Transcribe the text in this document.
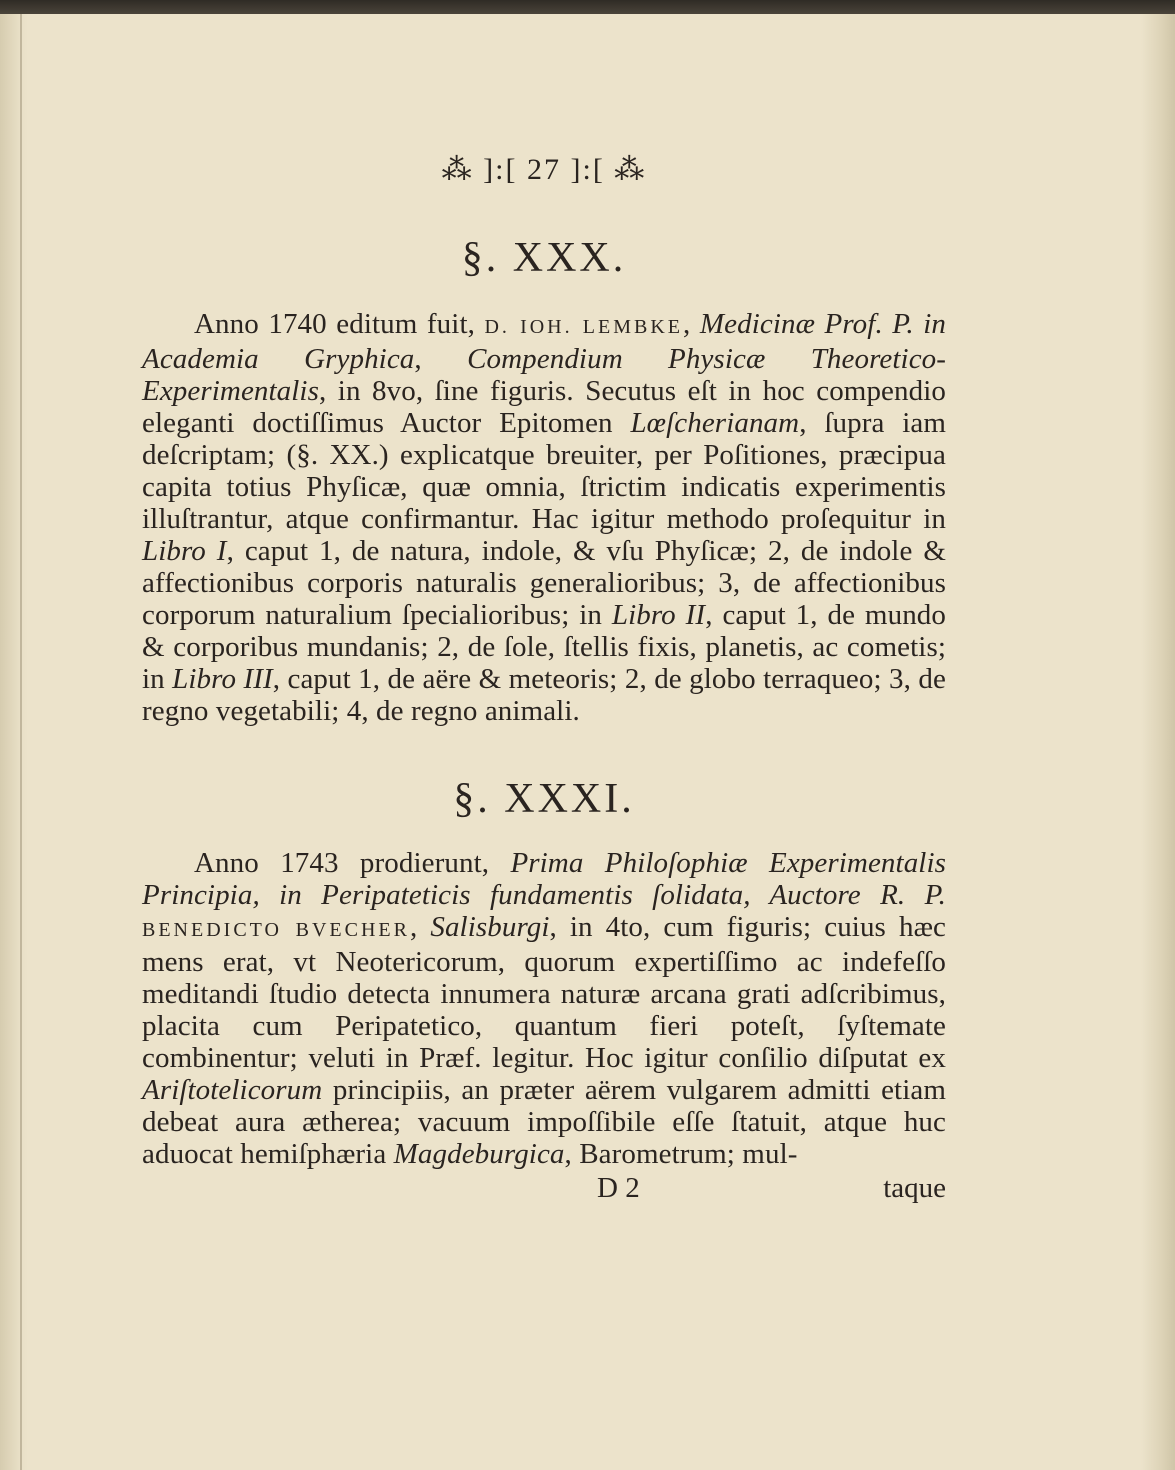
⁂ ]:[ 27 ]:[ ⁂
§. XXX.

Anno 1740 editum fuit, D. IOH. LEMBKE, Medicinæ Prof. P. in Academia Gryphica, Compendium Physicæ Theoretico-Experimentalis, in 8vo, ſine figuris. Secutus eſt in hoc compendio eleganti doctiſſimus Auctor Epitomen Lœſcherianam, ſupra iam deſcriptam; (§. XX.) explicatque breuiter, per Poſitiones, præcipua capita totius Phyſicæ, quæ omnia, ſtrictim indicatis experimentis illuſtrantur, atque confirmantur. Hac igitur methodo proſequitur in Libro I, caput 1, de natura, indole, & vſu Phyſicæ; 2, de indole & affectionibus corporis naturalis generalioribus; 3, de affectionibus corporum naturalium ſpecialioribus; in Libro II, caput 1, de mundo & corporibus mundanis; 2, de ſole, ſtellis fixis, planetis, ac cometis; in Libro III, caput 1, de aëre & meteoris; 2, de globo terraqueo; 3, de regno vegetabili; 4, de regno animali.

§. XXXI.

Anno 1743 prodierunt, Prima Philoſophiæ Experimentalis Principia, in Peripateticis fundamentis ſolidata, Auctore R. P. BENEDICTO BVECHER, Salisburgi, in 4to, cum figuris; cuius hæc mens erat, vt Neotericorum, quorum expertiſſimo ac indefeſſo meditandi ſtudio detecta innumera naturæ arcana grati adſcribimus, placita cum Peripatetico, quantum fieri poteſt, ſyſtemate combinentur; veluti in Præf. legitur. Hoc igitur conſilio diſputat ex Ariſtotelicorum principiis, an præter aërem vulgarem admitti etiam debeat aura ætherea; vacuum impoſſibile eſſe ſtatuit, atque huc aduocat hemiſphæria Magdeburgica, Barometrum; mul-

D 2	taque
